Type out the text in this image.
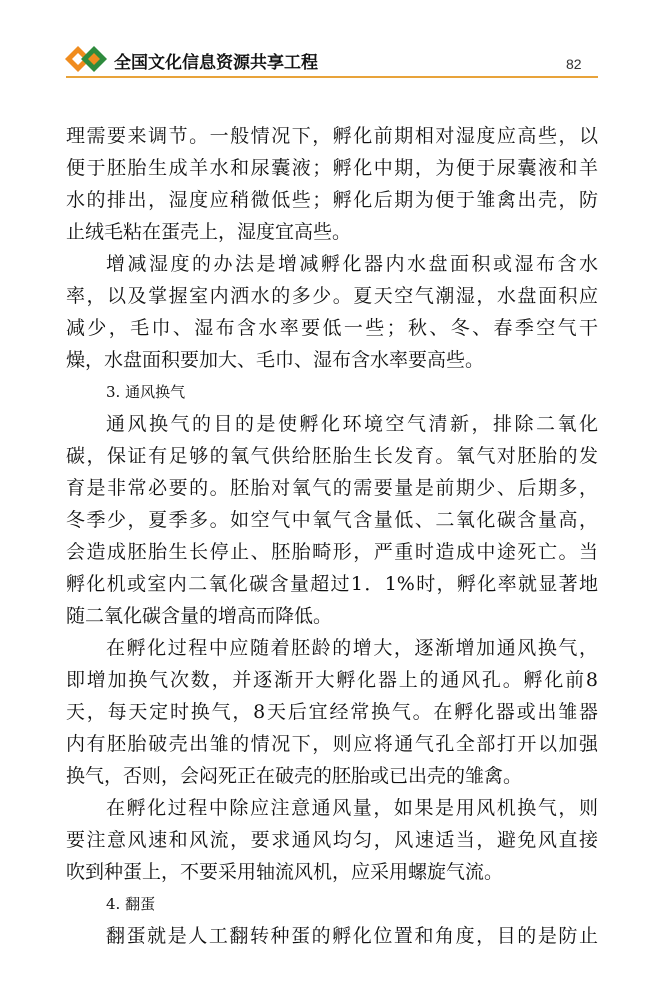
全国文化信息资源共享工程	82
理需要来调节。一般情况下，孵化前期相对湿度应高些，以
便于胚胎生成羊水和尿囊液；孵化中期，为便于尿囊液和羊
水的排出，湿度应稍微低些；孵化后期为便于雏禽出壳，防
止绒毛粘在蛋壳上，湿度宜高些。
增减湿度的办法是增减孵化器内水盘面积或湿布含水
率，以及掌握室内洒水的多少。夏天空气潮湿，水盘面积应
减少，毛巾、湿布含水率要低一些；秋、冬、春季空气干
燥，水盘面积要加大、毛巾、湿布含水率要高些。
3. 通风换气
通风换气的目的是使孵化环境空气清新，排除二氧化
碳，保证有足够的氧气供给胚胎生长发育。氧气对胚胎的发
育是非常必要的。胚胎对氧气的需要量是前期少、后期多，
冬季少，夏季多。如空气中氧气含量低、二氧化碳含量高，
会造成胚胎生长停止、胚胎畸形，严重时造成中途死亡。当
孵化机或室内二氧化碳含量超过1．1%时，孵化率就显著地
随二氧化碳含量的增高而降低。
在孵化过程中应随着胚龄的增大，逐渐增加通风换气，
即增加换气次数，并逐渐开大孵化器上的通风孔。孵化前8
天，每天定时换气，8天后宜经常换气。在孵化器或出雏器
内有胚胎破壳出雏的情况下，则应将通气孔全部打开以加强
换气，否则，会闷死正在破壳的胚胎或已出壳的雏禽。
在孵化过程中除应注意通风量，如果是用风机换气，则
要注意风速和风流，要求通风均匀，风速适当，避免风直接
吹到种蛋上，不要采用轴流风机，应采用螺旋气流。
4. 翻蛋
翻蛋就是人工翻转种蛋的孵化位置和角度，目的是防止
